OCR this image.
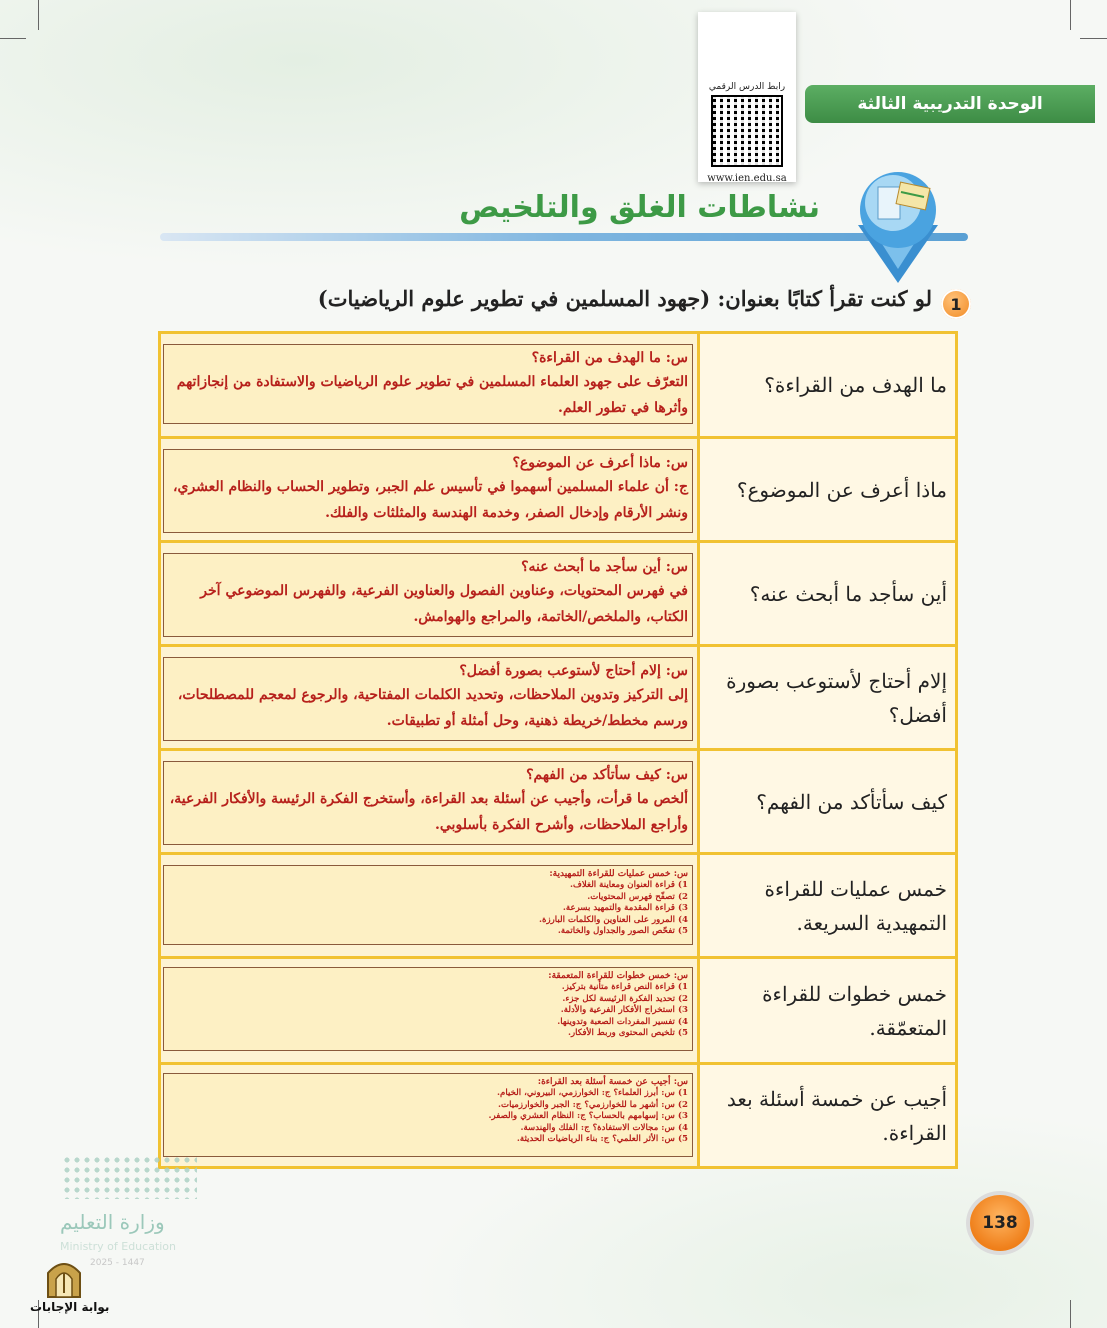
الوحدة التدريبية الثالثة
رابط الدرس الرقمي
www.ien.edu.sa
نشاطات الغلق والتلخيص
1
لو كنت تقرأ كتابًا بعنوان: (جهود المسلمين في تطوير علوم الرياضيات)
س: ما الهدف من القراءة؟
التعرّف على جهود العلماء المسلمين في تطوير علوم الرياضيات والاستفادة من إنجازاتهم وأثرها في تطور العلم.
ما الهدف من القراءة؟
س: ماذا أعرف عن الموضوع؟
ج: أن علماء المسلمين أسهموا في تأسيس علم الجبر، وتطوير الحساب والنظام العشري، ونشر الأرقام وإدخال الصفر، وخدمة الهندسة والمثلثات والفلك.
ماذا أعرف عن الموضوع؟
س: أين سأجد ما أبحث عنه؟
في فهرس المحتويات، وعناوين الفصول والعناوين الفرعية، والفهرس الموضوعي آخر الكتاب، والملخص/الخاتمة، والمراجع والهوامش.
أين سأجد ما أبحث عنه؟
س: إلام أحتاج لأستوعب بصورة أفضل؟
إلى التركيز وتدوين الملاحظات، وتحديد الكلمات المفتاحية، والرجوع لمعجم للمصطلحات، ورسم مخطط/خريطة ذهنية، وحل أمثلة أو تطبيقات.
إلام أحتاج لأستوعب بصورة أفضل؟
س: كيف سأتأكد من الفهم؟
ألخص ما قرأت، وأجيب عن أسئلة بعد القراءة، وأستخرج الفكرة الرئيسة والأفكار الفرعية، وأراجع الملاحظات، وأشرح الفكرة بأسلوبي.
كيف سأتأكد من الفهم؟
س: خمس عمليات للقراءة التمهيدية:
1) قراءة العنوان ومعاينة الغلاف.
2) تصفّح فهرس المحتويات.
3) قراءة المقدمة والتمهيد بسرعة.
4) المرور على العناوين والكلمات البارزة.
5) تفحّص الصور والجداول والخاتمة.
خمس عمليات للقراءة التمهيدية السريعة.
س: خمس خطوات للقراءة المتعمقة:
1) قراءة النص قراءة متأنية بتركيز.
2) تحديد الفكرة الرئيسة لكل جزء.
3) استخراج الأفكار الفرعية والأدلة.
4) تفسير المفردات الصعبة وتدوينها.
5) تلخيص المحتوى وربط الأفكار.
خمس خطوات للقراءة المتعمّقة.
س: أجيب عن خمسة أسئلة بعد القراءة:
1) س: أبرز العلماء؟ ج: الخوارزمي، البيروني، الخيام.
2) س: أشهر ما للخوارزمي؟ ج: الجبر والخوارزميات.
3) س: إسهامهم بالحساب؟ ج: النظام العشري والصفر.
4) س: مجالات الاستفادة؟ ج: الفلك والهندسة.
5) س: الأثر العلمي؟ ج: بناء الرياضيات الحديثة.
أجيب عن خمسة أسئلة بعد القراءة.
138
وزارة التعليم
Ministry of Education
2025 - 1447
بوابة الإجابات
